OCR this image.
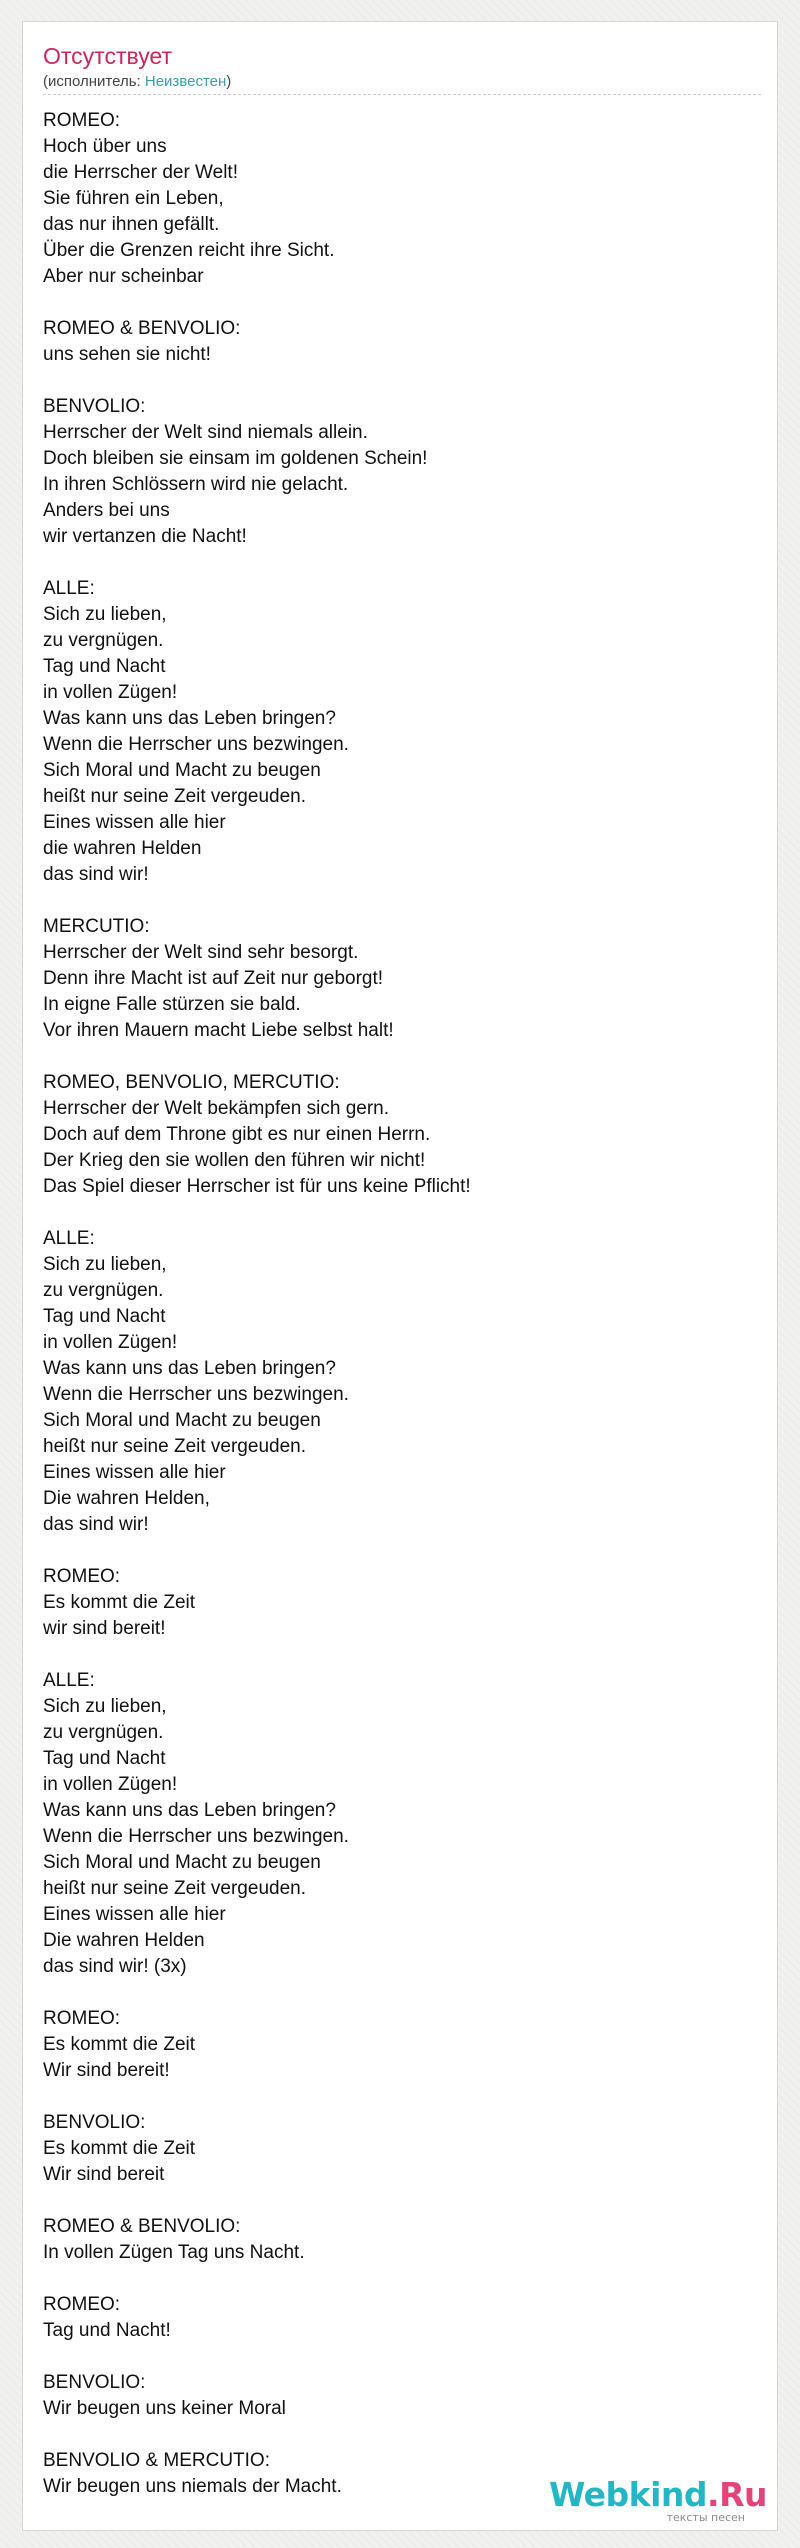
Отсутствует
(исполнитель: Неизвестен)
ROMEO:
Hoch über uns
die Herrscher der Welt!
Sie führen ein Leben,
das nur ihnen gefällt.
Über die Grenzen reicht ihre Sicht.
Aber nur scheinbar

ROMEO & BENVOLIO:
uns sehen sie nicht!

BENVOLIO:
Herrscher der Welt sind niemals allein.
Doch bleiben sie einsam im goldenen Schein!
In ihren Schlössern wird nie gelacht.
Anders bei uns
wir vertanzen die Nacht!

ALLE:
Sich zu lieben,
zu vergnügen.
Tag und Nacht
in vollen Zügen!
Was kann uns das Leben bringen?
Wenn die Herrscher uns bezwingen.
Sich Moral und Macht zu beugen
heißt nur seine Zeit vergeuden.
Eines wissen alle hier
die wahren Helden
das sind wir!

MERCUTIO:
Herrscher der Welt sind sehr besorgt.
Denn ihre Macht ist auf Zeit nur geborgt!
In eigne Falle stürzen sie bald.
Vor ihren Mauern macht Liebe selbst halt!

ROMEO, BENVOLIO, MERCUTIO:
Herrscher der Welt bekämpfen sich gern.
Doch auf dem Throne gibt es nur einen Herrn.
Der Krieg den sie wollen den führen wir nicht!
Das Spiel dieser Herrscher ist für uns keine Pflicht!

ALLE:
Sich zu lieben,
zu vergnügen.
Tag und Nacht
in vollen Zügen!
Was kann uns das Leben bringen?
Wenn die Herrscher uns bezwingen.
Sich Moral und Macht zu beugen
heißt nur seine Zeit vergeuden.
Eines wissen alle hier
Die wahren Helden,
das sind wir!

ROMEO:
Es kommt die Zeit
wir sind bereit!

ALLE:
Sich zu lieben,
zu vergnügen.
Tag und Nacht
in vollen Zügen!
Was kann uns das Leben bringen?
Wenn die Herrscher uns bezwingen.
Sich Moral und Macht zu beugen
heißt nur seine Zeit vergeuden.
Eines wissen alle hier
Die wahren Helden
das sind wir! (3x)

ROMEO:
Es kommt die Zeit
Wir sind bereit!

BENVOLIO:
Es kommt die Zeit
Wir sind bereit

ROMEO & BENVOLIO:
In vollen Zügen Tag uns Nacht.

ROMEO:
Tag und Nacht!

BENVOLIO:
Wir beugen uns keiner Moral

BENVOLIO & MERCUTIO:
Wir beugen uns niemals der Macht.	Webkind.Ru
тексты песен
